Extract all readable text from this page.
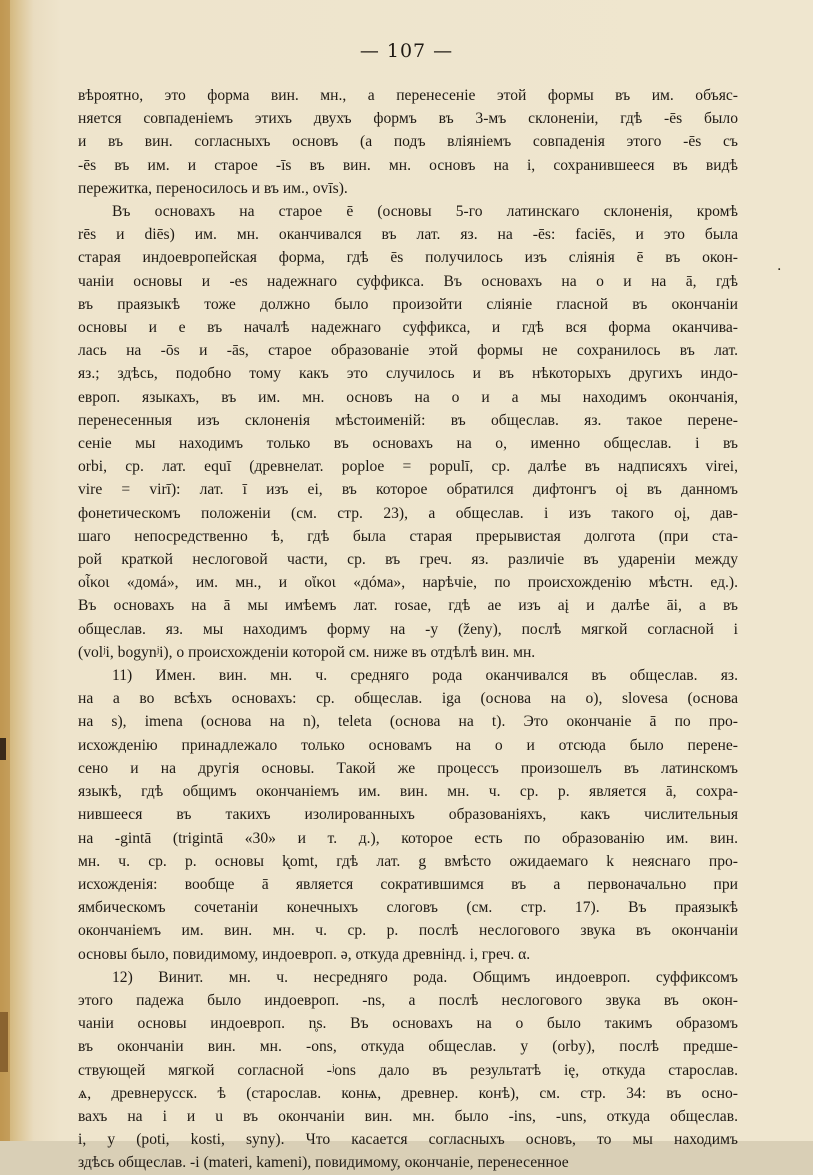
— 107 —
·
вѣроятно, это форма вин. мн., а перенесеніе этой формы въ им. объяс-
няется совпаденіемъ этихъ двухъ формъ въ 3-мъ склоненіи, гдѣ -ēs было
и въ вин. согласныхъ основъ (а подъ вліяніемъ совпаденія этого -ēs съ
-ēs въ им. и старое -īs въ вин. мн. основъ на i, сохранившееся въ видѣ
пережитка, переносилось и въ им., ovīs).
Въ основахъ на старое ē (основы 5-го латинскаго склоненія, кромѣ
rēs и diēs) им. мн. оканчивался въ лат. яз. на -ēs: faciēs, и это была
старая индоевропейская форма, гдѣ ēs получилось изъ слiянiя ē въ окон-
чаніи основы и -es надежнаго суффикса. Въ основахъ на о и на ā, гдѣ
въ праязыкѣ тоже должно было произойти сліяніе гласной въ окончаніи
основы и е въ началѣ надежнаго суффикса, и гдѣ вся форма оканчива-
лась на -ōs и -ās, старое образованіе этой формы не сохранилось въ лат.
яз.; здѣсь, подобно тому какъ это случилось и въ нѣкоторыхъ другихъ индо-
европ. языкахъ, въ им. мн. основъ на о и а мы находимъ окончанія,
перенесенныя изъ склоненія мѣстоименій: въ общеслав. яз. такое перене-
сеніе мы находимъ только въ основахъ на о, именно общеслав. i въ
orbi, ср. лат. equī (древнелат. poploe = populī, ср. далѣе въ надписяхъ virei,
vire = virī): лат. ī изъ ei, въ которое обратился дифтонгъ oį въ данномъ
фонетическомъ положеніи (см. стр. 23), а общеслав. i изъ такого oį, дав-
шаго непосредственно ѣ, гдѣ была старая прерывистая долгота (при ста-
рой краткой неслоговой части, ср. въ греч. яз. различіе въ удареніи между
οἶκοι «домá», им. мн., и οἴκοι «дóма», нарѣчіе, по происхожденію мѣстн. ед.).
Въ основахъ на ā мы имѣемъ лат. rosae, гдѣ ae изъ aį и далѣе āi, а въ
общеслав. яз. мы находимъ форму на -y (ženy), послѣ мягкой согласной i
(volʲi, bogynʲi), о происхожденіи которой см. ниже въ отдѣлѣ вин. мн.
11) Имен. вин. мн. ч. средняго рода оканчивался въ общеслав. яз.
на а во всѣхъ основахъ: ср. общеслав. iga (основа на о), slovesa (основа
на s), imena (основа на n), teleta (основа на t). Это окончаніе ā по про-
исхожденію принадлежало только основамъ на о и отсюда было перене-
сено и на другія основы. Такой же процессъ произошелъ въ латинскомъ
языкѣ, гдѣ общимъ окончаніемъ им. вин. мн. ч. ср. р. является ā, сохра-
нившееся въ такихъ изолированныхъ образованіяхъ, какъ числительныя
на -gintā (trigintā «30» и т. д.), которое есть по образованію им. вин.
мн. ч. ср. р. основы k̨omt, гдѣ лат. g вмѣсто ожидаемаго k неяснаго про-
исхожденія: вообще ā является сократившимся въ а первоначально при
ямбическомъ сочетаніи конечныхъ слоговъ (см. стр. 17). Въ праязыкѣ
окончаніемъ им. вин. мн. ч. ср. р. послѣ неслогового звука въ окончаніи
основы было, повидимому, индоевроп. ə, откуда древнінд. i, греч. α.
12) Винит. мн. ч. несредняго рода. Общимъ индоевроп. суффиксомъ
этого падежа было индоевроп. -ns, а послѣ неслогового звука въ окон-
чаніи основы индоевроп. n̥s. Въ основахъ на о было такимъ образомъ
въ окончаніи вин. мн. -ons, откуда общеслав. y (orby), послѣ предше-
ствующей мягкой согласной -ʲons дало въ результатѣ ię, откуда старослав.
ѧ, древнерусск. ѣ (старослав. конѩ, древнер. конѣ), см. стр. 34: въ осно-
вахъ на i и u въ окончаніи вин. мн. было -ins, -uns, откуда общеслав.
i, y (poti, kosti, syny). Что касается согласныхъ основъ, то мы находимъ
здѣсь общеслав. -i (materi, kameni), повидимому, окончаніе, перенесенное
